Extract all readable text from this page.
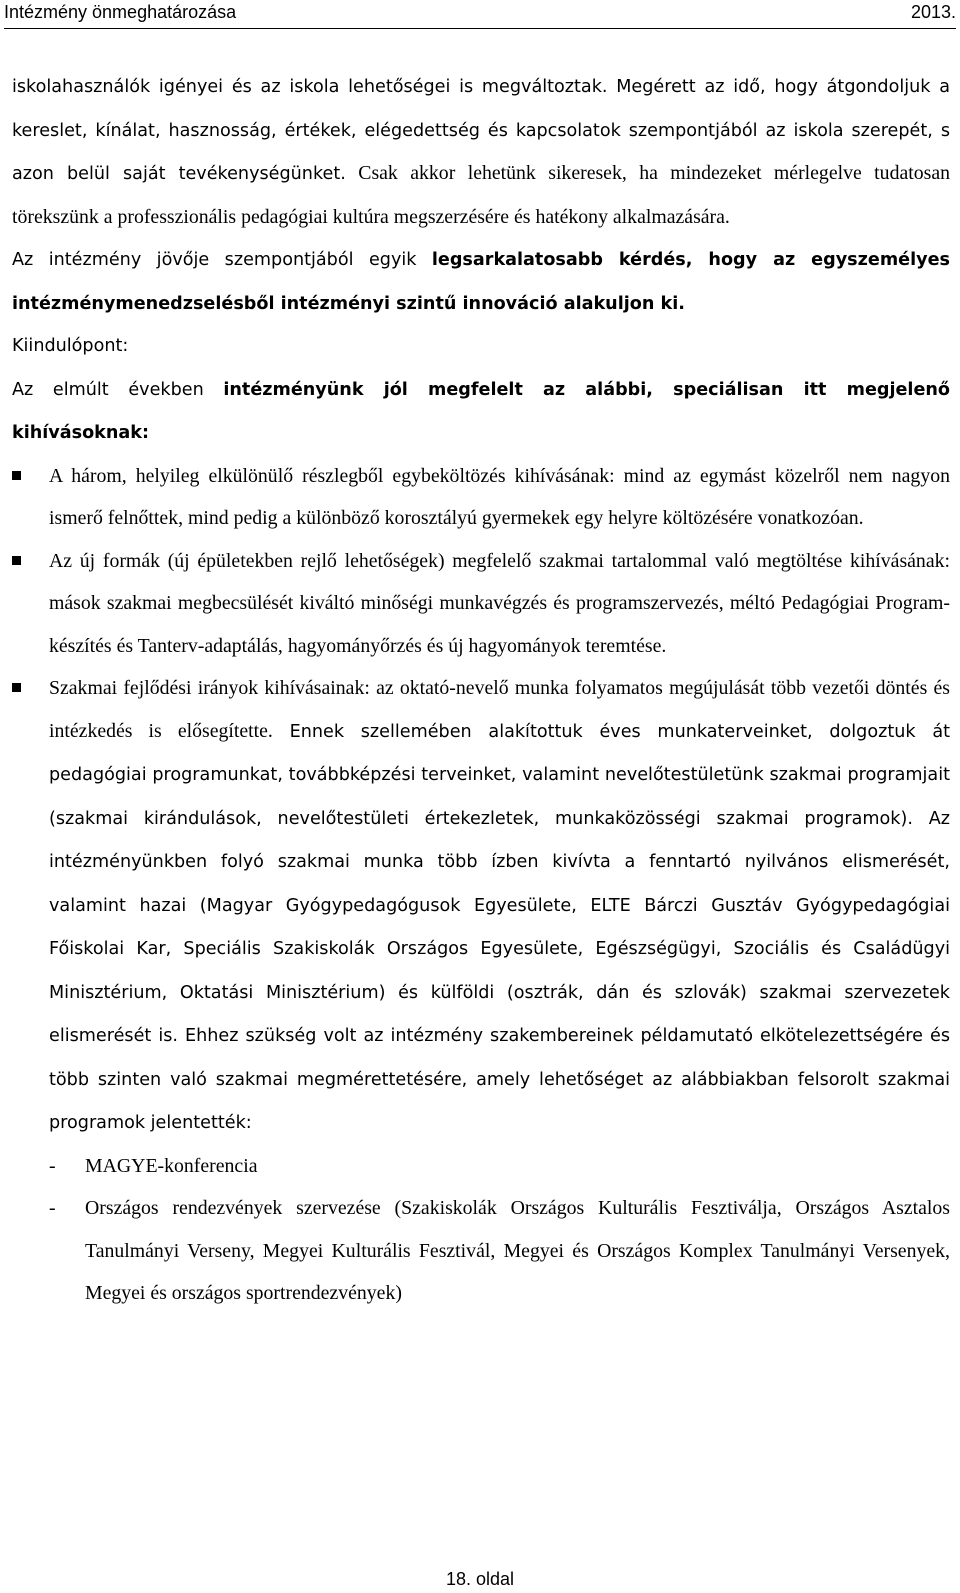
Intézmény önmeghatározása	2013.

iskolahasználók igényei és az iskola lehetőségei is megváltoztak. Megérett az idő, hogy átgondoljuk a kereslet, kínálat, hasznosság, értékek, elégedettség és kapcsolatok szempontjából az iskola szerepét, s azon belül saját tevékenységünket. Csak akkor lehetünk sikeresek, ha mindezeket mérlegelve tudatosan törekszünk a professzionális pedagógiai kultúra megszerzésére és hatékony alkalmazására.

Az intézmény jövője szempontjából egyik legsarkalatosabb kérdés, hogy az egyszemélyes intézménymenedzselésből intézményi szintű innováció alakuljon ki.

Kiindulópont:

Az elmúlt években intézményünk jól megfelelt az alábbi, speciálisan itt megjelenő kihívásoknak:

A három, helyileg elkülönülő részlegből egybeköltözés kihívásának: mind az egymást közelről nem nagyon ismerő felnőttek, mind pedig a különböző korosztályú gyermekek egy helyre költözésére vonatkozóan.
Az új formák (új épületekben rejlő lehetőségek) megfelelő szakmai tartalommal való megtöltése kihívásának: mások szakmai megbecsülését kiváltó minőségi munkavégzés és programszervezés, méltó Pedagógiai Program-készítés és Tanterv-adaptálás, hagyományőrzés és új hagyományok teremtése.
Szakmai fejlődési irányok kihívásainak: az oktató-nevelő munka folyamatos megújulását több vezetői döntés és intézkedés is elősegítette. Ennek szellemében alakítottuk éves munkaterveinket, dolgoztuk át pedagógiai programunkat, továbbképzési terveinket, valamint nevelőtestületünk szakmai programjait (szakmai kirándulások, nevelőtestületi értekezletek, munkaközösségi szakmai programok). Az intézményünkben folyó szakmai munka több ízben kivívta a fenntartó nyilvános elismerését, valamint hazai (Magyar Gyógypedagógusok Egyesülete, ELTE Bárczi Gusztáv Gyógypedagógiai Főiskolai Kar, Speciális Szakiskolák Országos Egyesülete, Egészségügyi, Szociális és Családügyi Minisztérium, Oktatási Minisztérium) és külföldi (osztrák, dán és szlovák) szakmai szervezetek elismerését is. Ehhez szükség volt az intézmény szakembereinek példamutató elkötelezettségére és több szinten való szakmai megmérettetésére, amely lehetőséget az alábbiakban felsorolt szakmai programok jelentették:
- MAGYE-konferencia
- Országos rendezvények szervezése (Szakiskolák Országos Kulturális Fesztiválja, Országos Asztalos Tanulmányi Verseny, Megyei Kulturális Fesztivál, Megyei és Országos Komplex Tanulmányi Versenyek, Megyei és országos sportrendezvények)
18. oldal
